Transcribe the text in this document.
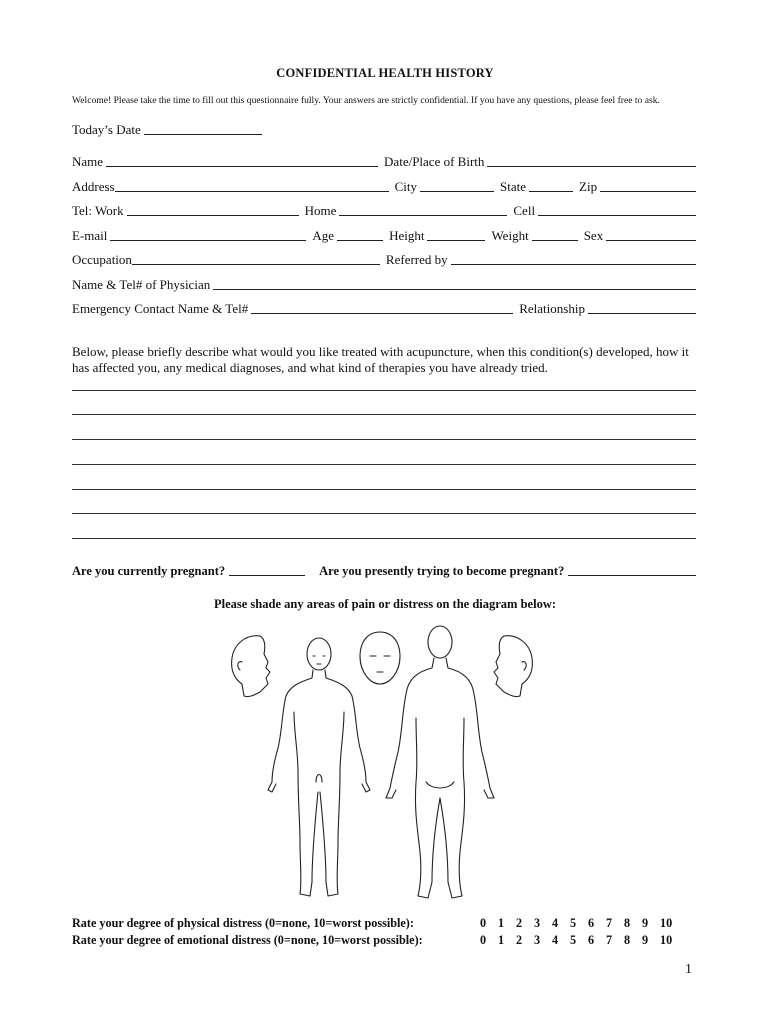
CONFIDENTIAL HEALTH HISTORY
Welcome! Please take the time to fill out this questionnaire fully. Your answers are strictly confidential. If you have any questions, please feel free to ask.
Today’s Date
Name	Date/Place of Birth
Address	City	State	Zip
Tel: Work	Home	Cell
E-mail	Age	Height	Weight	Sex
Occupation	Referred by
Name & Tel# of Physician
Emergency Contact Name & Tel#	Relationship
Below, please briefly describe what would you like treated with acupuncture, when this condition(s) developed, how it has affected you, any medical diagnoses, and what kind of therapies you have already tried.
Are you currently pregnant?	Are you presently trying to become pregnant?
Please shade any areas of pain or distress on the diagram below:
Rate your degree of physical distress (0=none, 10=worst possible):	0 1 2 3 4 5 6 7 8 9 10
Rate your degree of emotional distress (0=none, 10=worst possible):	0 1 2 3 4 5 6 7 8 9 10
1
